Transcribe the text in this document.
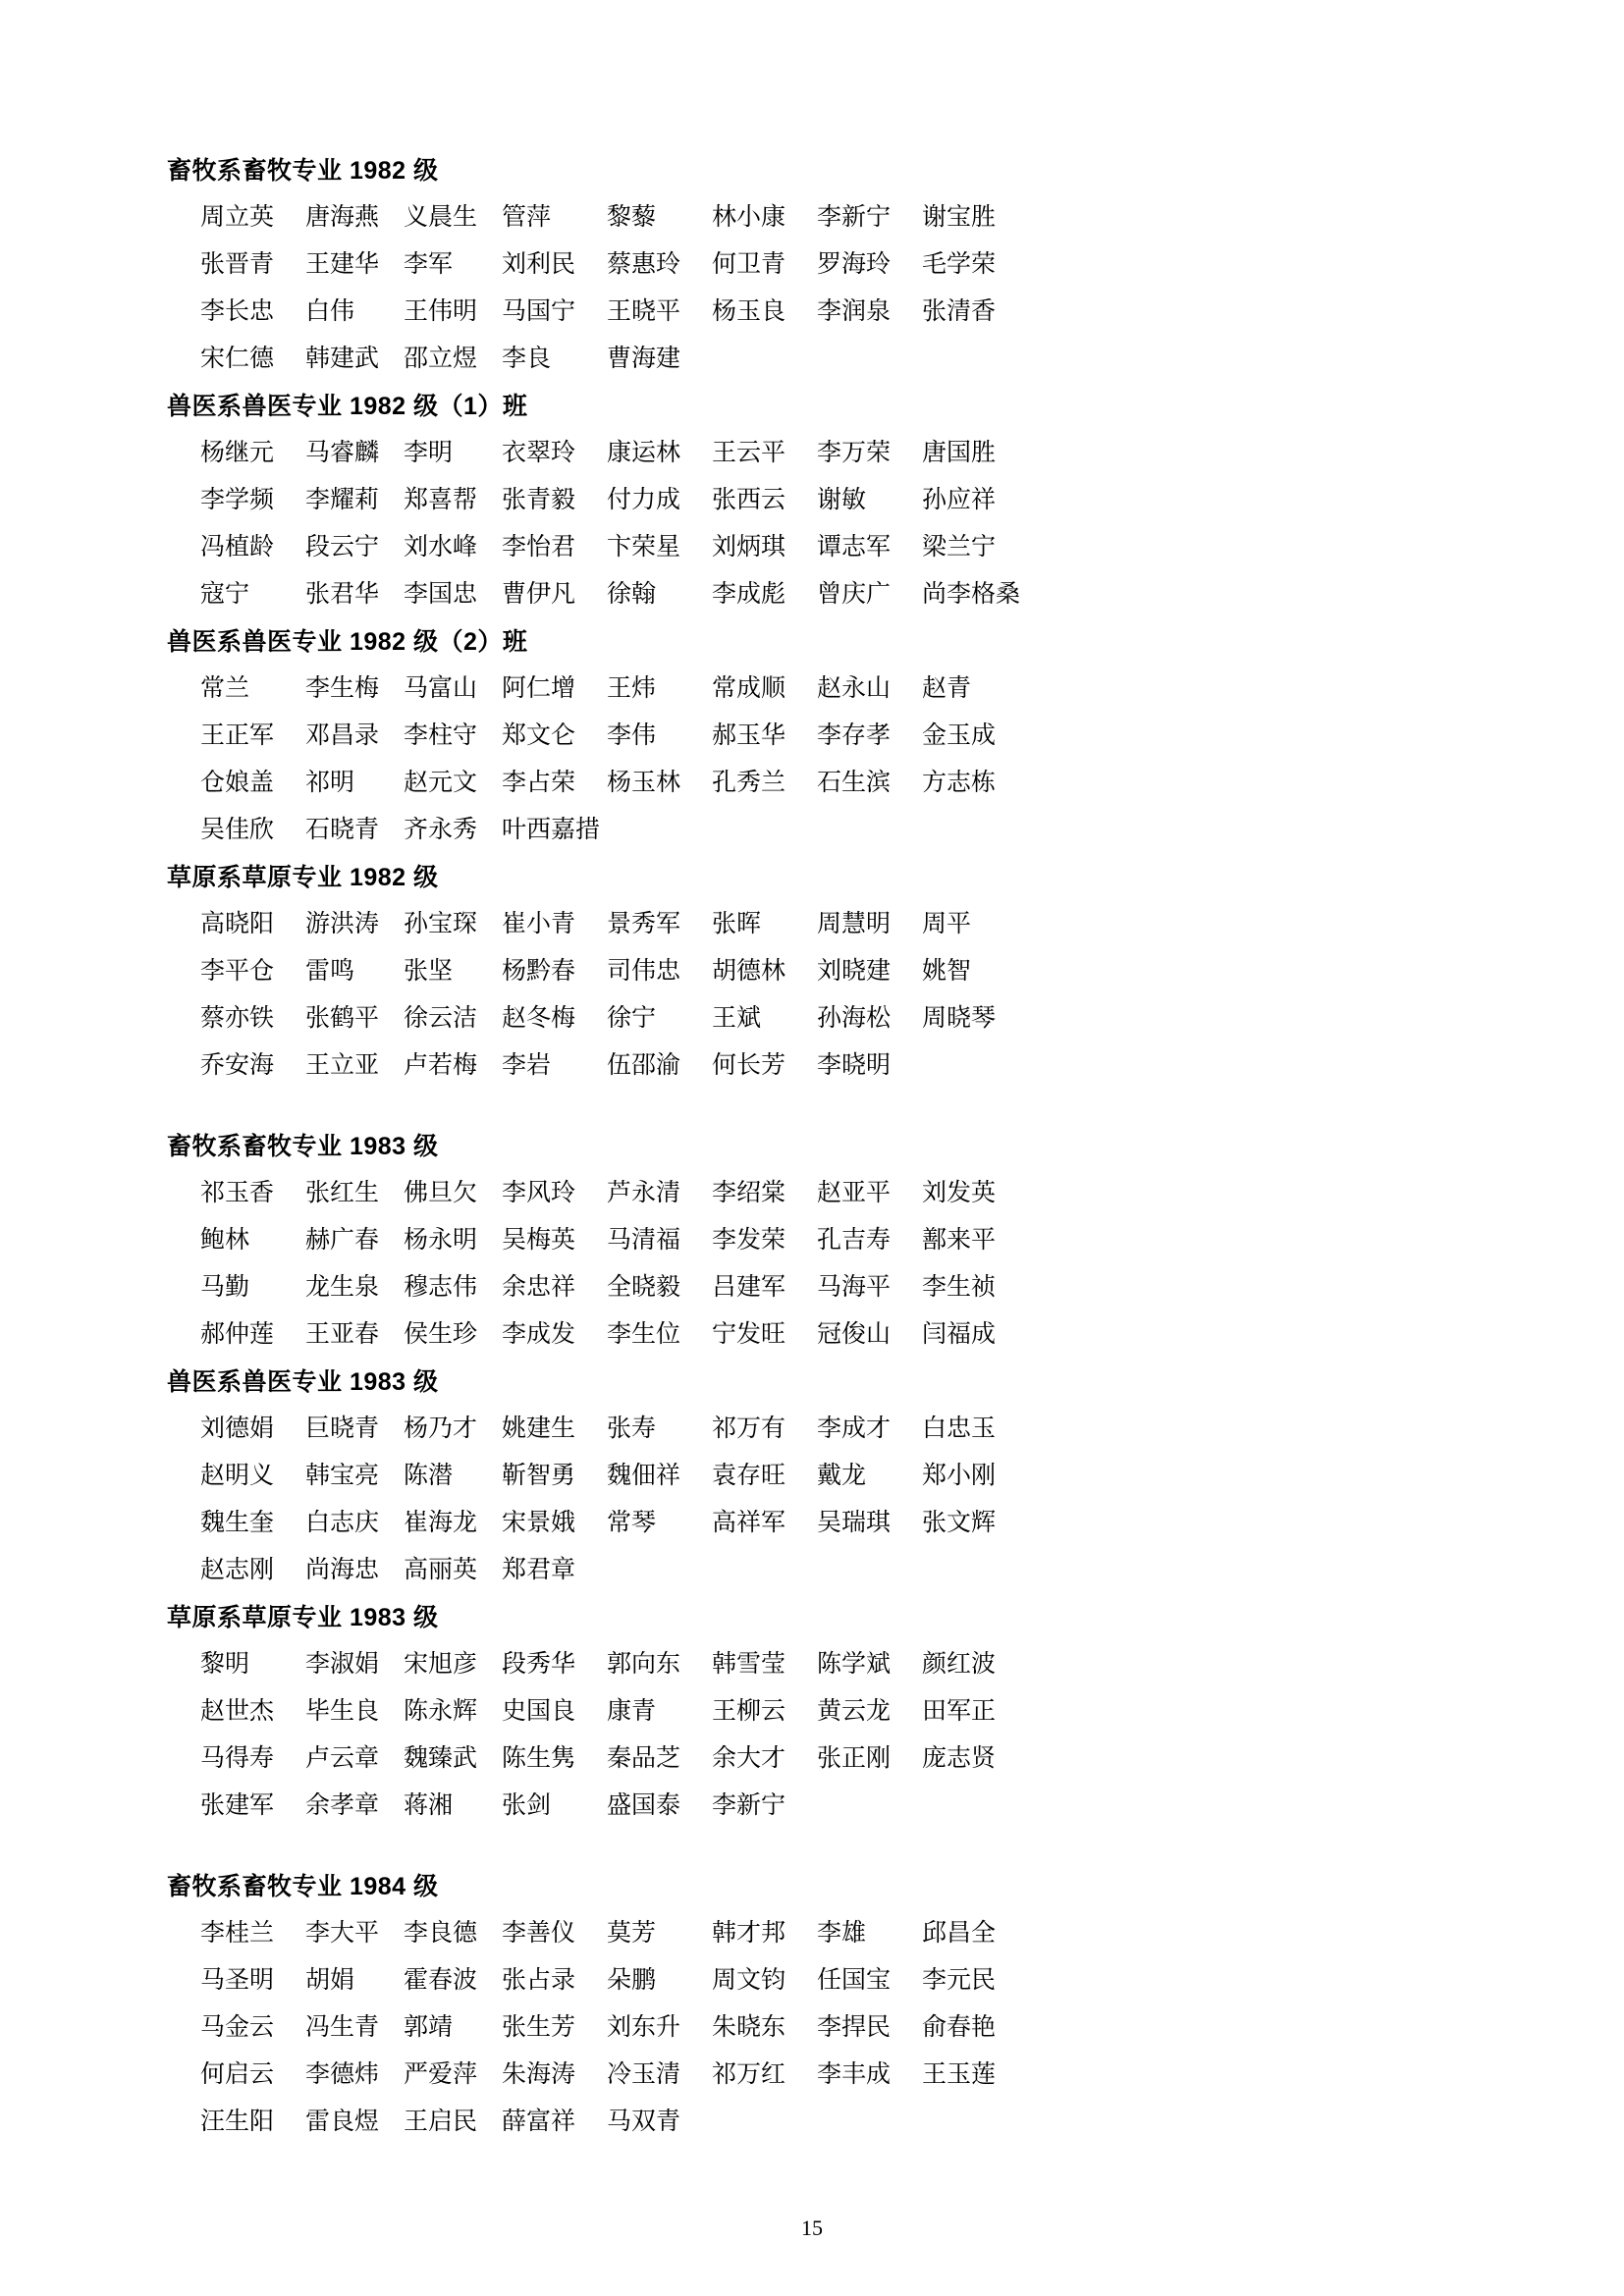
畜牧系畜牧专业 1982 级
周立英	唐海燕	义晨生	管萍	黎藜	林小康	李新宁	谢宝胜
张晋青	王建华	李军	刘利民	蔡惠玲	何卫青	罗海玲	毛学荣
李长忠	白伟	王伟明	马国宁	王晓平	杨玉良	李润泉	张清香
宋仁德	韩建武	邵立煜	李良	曹海建			
兽医系兽医专业 1982 级（1）班
杨继元	马睿麟	李明	衣翠玲	康运林	王云平	李万荣	唐国胜
李学频	李耀莉	郑喜帮	张青毅	付力成	张西云	谢敏	孙应祥
冯植龄	段云宁	刘水峰	李怡君	卞荣星	刘炳琪	谭志军	梁兰宁
寇宁	张君华	李国忠	曹伊凡	徐翰	李成彪	曾庆广	尚李格桑
兽医系兽医专业 1982 级（2）班
常兰	李生梅	马富山	阿仁增	王炜	常成顺	赵永山	赵青
王正军	邓昌录	李柱守	郑文仑	李伟	郝玉华	李存孝	金玉成
仓娘盖	祁明	赵元文	李占荣	杨玉林	孔秀兰	石生滨	方志栋
吴佳欣	石晓青	齐永秀	叶西嘉措				
草原系草原专业 1982 级
高晓阳	游洪涛	孙宝琛	崔小青	景秀军	张晖	周慧明	周平
李平仓	雷鸣	张坚	杨黔春	司伟忠	胡德林	刘晓建	姚智
蔡亦铁	张鹤平	徐云洁	赵冬梅	徐宁	王斌	孙海松	周晓琴
乔安海	王立亚	卢若梅	李岩	伍邵渝	何长芳	李晓明	
畜牧系畜牧专业 1983 级
祁玉香	张红生	佛旦欠	李风玲	芦永清	李绍棠	赵亚平	刘发英
鲍林	赫广春	杨永明	吴梅英	马清福	李发荣	孔吉寿	鄯来平
马勤	龙生泉	穆志伟	余忠祥	全晓毅	吕建军	马海平	李生祯
郝仲莲	王亚春	侯生珍	李成发	李生位	宁发旺	冠俊山	闫福成
兽医系兽医专业 1983 级
刘德娟	巨晓青	杨乃才	姚建生	张寿	祁万有	李成才	白忠玉
赵明义	韩宝亮	陈潜	靳智勇	魏佃祥	袁存旺	戴龙	郑小刚
魏生奎	白志庆	崔海龙	宋景娥	常琴	高祥军	吴瑞琪	张文辉
赵志刚	尚海忠	高丽英	郑君章				
草原系草原专业 1983 级
黎明	李淑娟	宋旭彦	段秀华	郭向东	韩雪莹	陈学斌	颜红波
赵世杰	毕生良	陈永辉	史国良	康青	王柳云	黄云龙	田军正
马得寿	卢云章	魏臻武	陈生隽	秦品芝	余大才	张正刚	庞志贤
张建军	余孝章	蒋湘	张剑	盛国泰	李新宁		
畜牧系畜牧专业 1984 级
李桂兰	李大平	李良德	李善仪	莫芳	韩才邦	李雄	邱昌全
马圣明	胡娟	霍春波	张占录	朵鹏	周文钧	任国宝	李元民
马金云	冯生青	郭靖	张生芳	刘东升	朱晓东	李捍民	俞春艳
何启云	李德炜	严爱萍	朱海涛	冷玉清	祁万红	李丰成	王玉莲
汪生阳	雷良煜	王启民	薛富祥	马双青			
15
